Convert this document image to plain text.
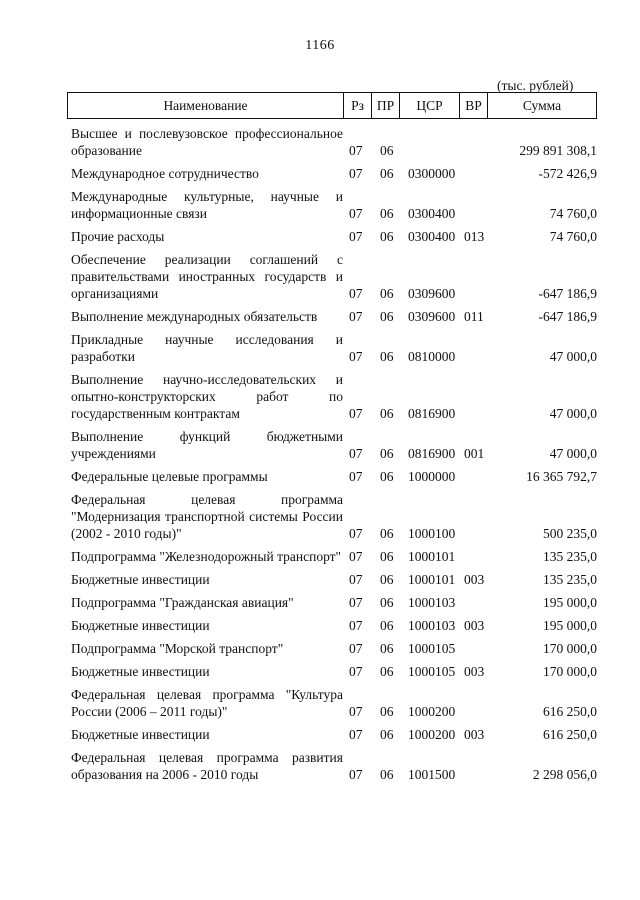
1166
(тыс. рублей)
Наименование	Рз ПР	ЦСР	ВР	Сумма
Высшее и послевузовское профессиональное образование	07 06	299 891 308,1
Международное сотрудничество	07 06 0300000	-572 426,9
Международные культурные, научные и информационные связи	07 06 0300400	74 760,0
Прочие расходы	07 06 0300400 013	74 760,0
Обеспечение реализации соглашений с правительствами иностранных государств и организациями	07 06 0309600	-647 186,9
Выполнение международных обязательств	07 06 0309600 011	-647 186,9
Прикладные научные исследования и разработки	07 06 0810000	47 000,0
Выполнение научно-исследовательских и опытно-конструкторских работ по государственным контрактам	07 06 0816900	47 000,0
Выполнение функций бюджетными учреждениями	07 06 0816900 001	47 000,0
Федеральные целевые программы	07 06 1000000	16 365 792,7
Федеральная целевая программа "Модернизация транспортной системы России (2002 - 2010 годы)"	07 06 1000100	500 235,0
Подпрограмма "Железнодорожный транспорт" 07 06 1000101	135 235,0
Бюджетные инвестиции	07 06 1000101 003	135 235,0
Подпрограмма "Гражданская авиация"	07 06 1000103	195 000,0
Бюджетные инвестиции	07 06 1000103 003	195 000,0
Подпрограмма "Морской транспорт"	07 06 1000105	170 000,0
Бюджетные инвестиции	07 06 1000105 003	170 000,0
Федеральная целевая программа "Культура России (2006 – 2011 годы)"	07 06 1000200	616 250,0
Бюджетные инвестиции	07 06 1000200 003	616 250,0
Федеральная целевая программа развития образования на 2006 - 2010 годы	07 06 1001500	2 298 056,0
